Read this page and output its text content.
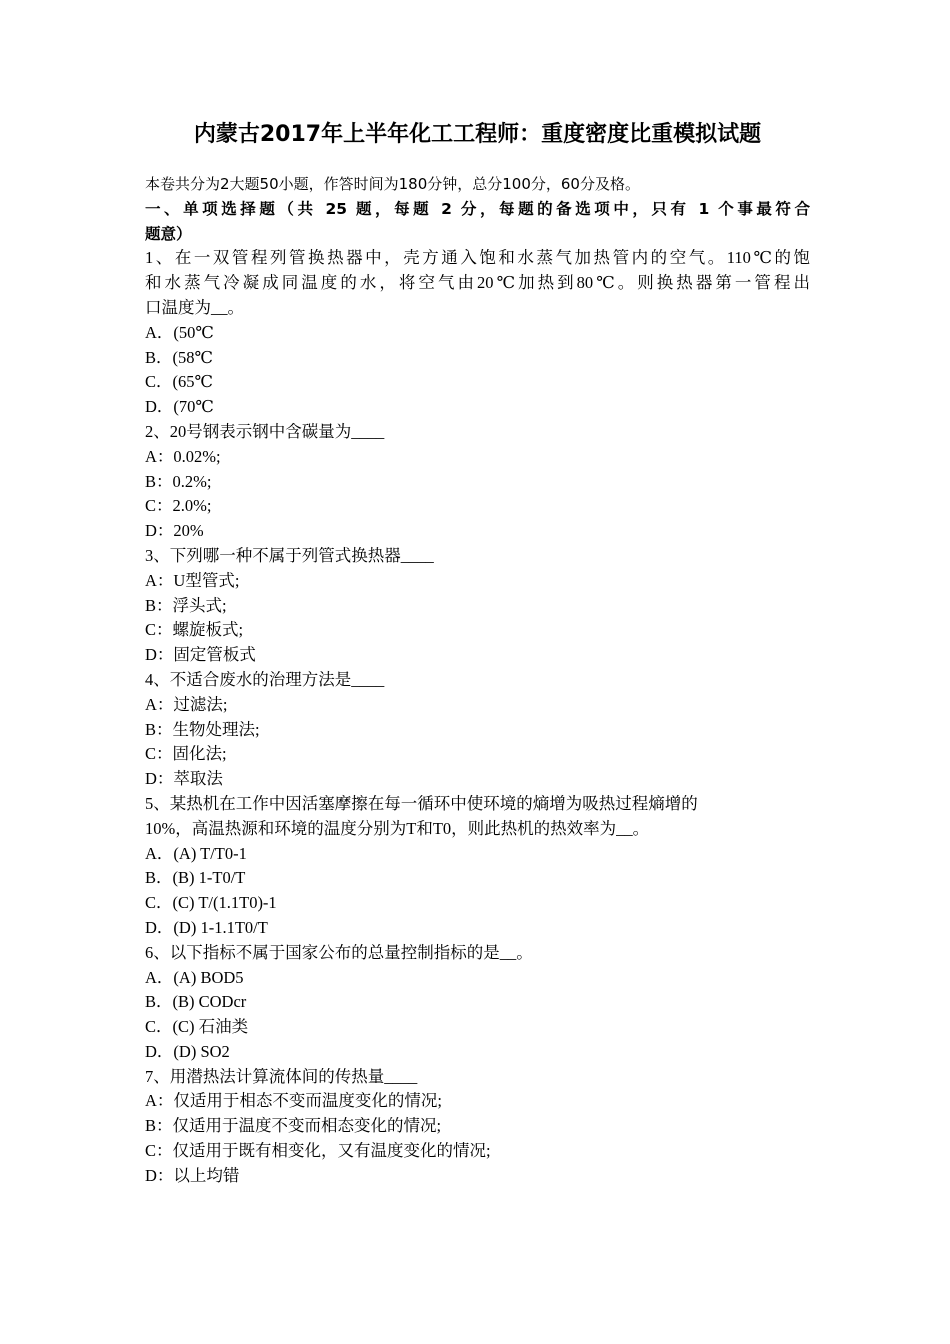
内蒙古2017年上半年化工工程师：重度密度比重模拟试题
本卷共分为2大题50小题，作答时间为180分钟，总分100分，60分及格。
一、单项选择题（共 25 题，每题 2 分，每题的备选项中，只有 1 个事最符合
题意）
1、在一双管程列管换热器中，壳方通入饱和水蒸气加热管内的空气。110℃的饱
和水蒸气冷凝成同温度的水，将空气由20℃加热到80℃。则换热器第一管程出
口温度为__。
A．(50℃
B．(58℃
C．(65℃
D．(70℃
2、20号钢表示钢中含碳量为____
A：0.02%;
B：0.2%;
C：2.0%;
D：20%
3、下列哪一种不属于列管式换热器____
A：U型管式;
B：浮头式;
C：螺旋板式;
D：固定管板式
4、不适合废水的治理方法是____
A：过滤法;
B：生物处理法;
C：固化法;
D：萃取法
5、某热机在工作中因活塞摩擦在每一循环中使环境的熵增为吸热过程熵增的
10%，高温热源和环境的温度分别为T和T0，则此热机的热效率为__。
A．(A) T/T0-1
B．(B) 1-T0/T
C．(C) T/(1.1T0)-1
D．(D) 1-1.1T0/T
6、以下指标不属于国家公布的总量控制指标的是__。
A．(A) BOD5
B．(B) CODcr
C．(C) 石油类
D．(D) SO2
7、用潜热法计算流体间的传热量____
A：仅适用于相态不变而温度变化的情况;
B：仅适用于温度不变而相态变化的情况;
C：仅适用于既有相变化，又有温度变化的情况;
D：以上均错
